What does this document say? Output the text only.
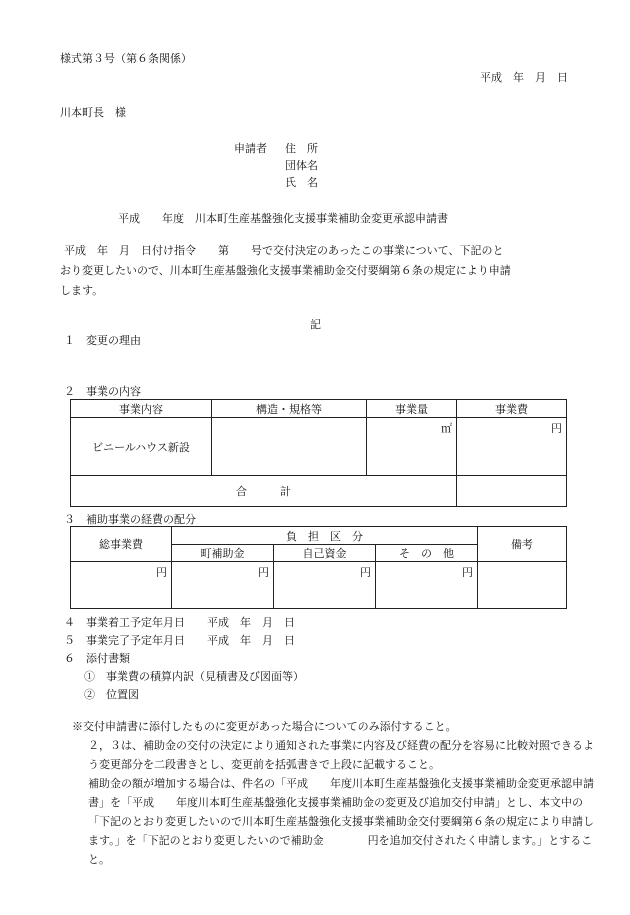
様式第３号（第６条関係）
平成　年　月　日
川本町長　様
申請者 住　所
団体名
氏　名
平成　　年度　川本町生産基盤強化支援事業補助金変更承認申請書
平成　年　月　日付け指令　　第　　号で交付決定のあったこの事業について、下記のと
おり変更したいので、川本町生産基盤強化支援事業補助金交付要綱第６条の規定により申請
します。
記
１　変更の理由
２　事業の内容
事業内容	構造・規格等	事業量	事業費
ビニールハウス新設		㎡	円
合　　　計			
３　補助事業の経費の配分
総事業費	負　担　区　分			備考
	町補助金	自己資金	そ　の　他	
円	円	円	円	
４　事業着工予定年月日　　平成　年　月　日
５　事業完了予定年月日　　平成　年　月　日
６　添付書類
①　事業費の積算内訳（見積書及び図面等）
②　位置図
※交付申請書に添付したものに変更があった場合についてのみ添付すること。
２，３は、補助金の交付の決定により通知された事業に内容及び経費の配分を容易に比較対照できるよう変更部分を二段書きとし、変更前を括弧書きで上段に記載すること。
補助金の額が増加する場合は、件名の「平成　　年度川本町生産基盤強化支援事業補助金変更承認申請書」を「平成　　年度川本町生産基盤強化支援事業補助金の変更及び追加交付申請」とし、本文中の「下記のとおり変更したいので川本町生産基盤強化支援事業補助金交付要綱第６条の規定により申請します。」を「下記のとおり変更したいので補助金　　　　円を追加交付されたく申請します。」とすること。
